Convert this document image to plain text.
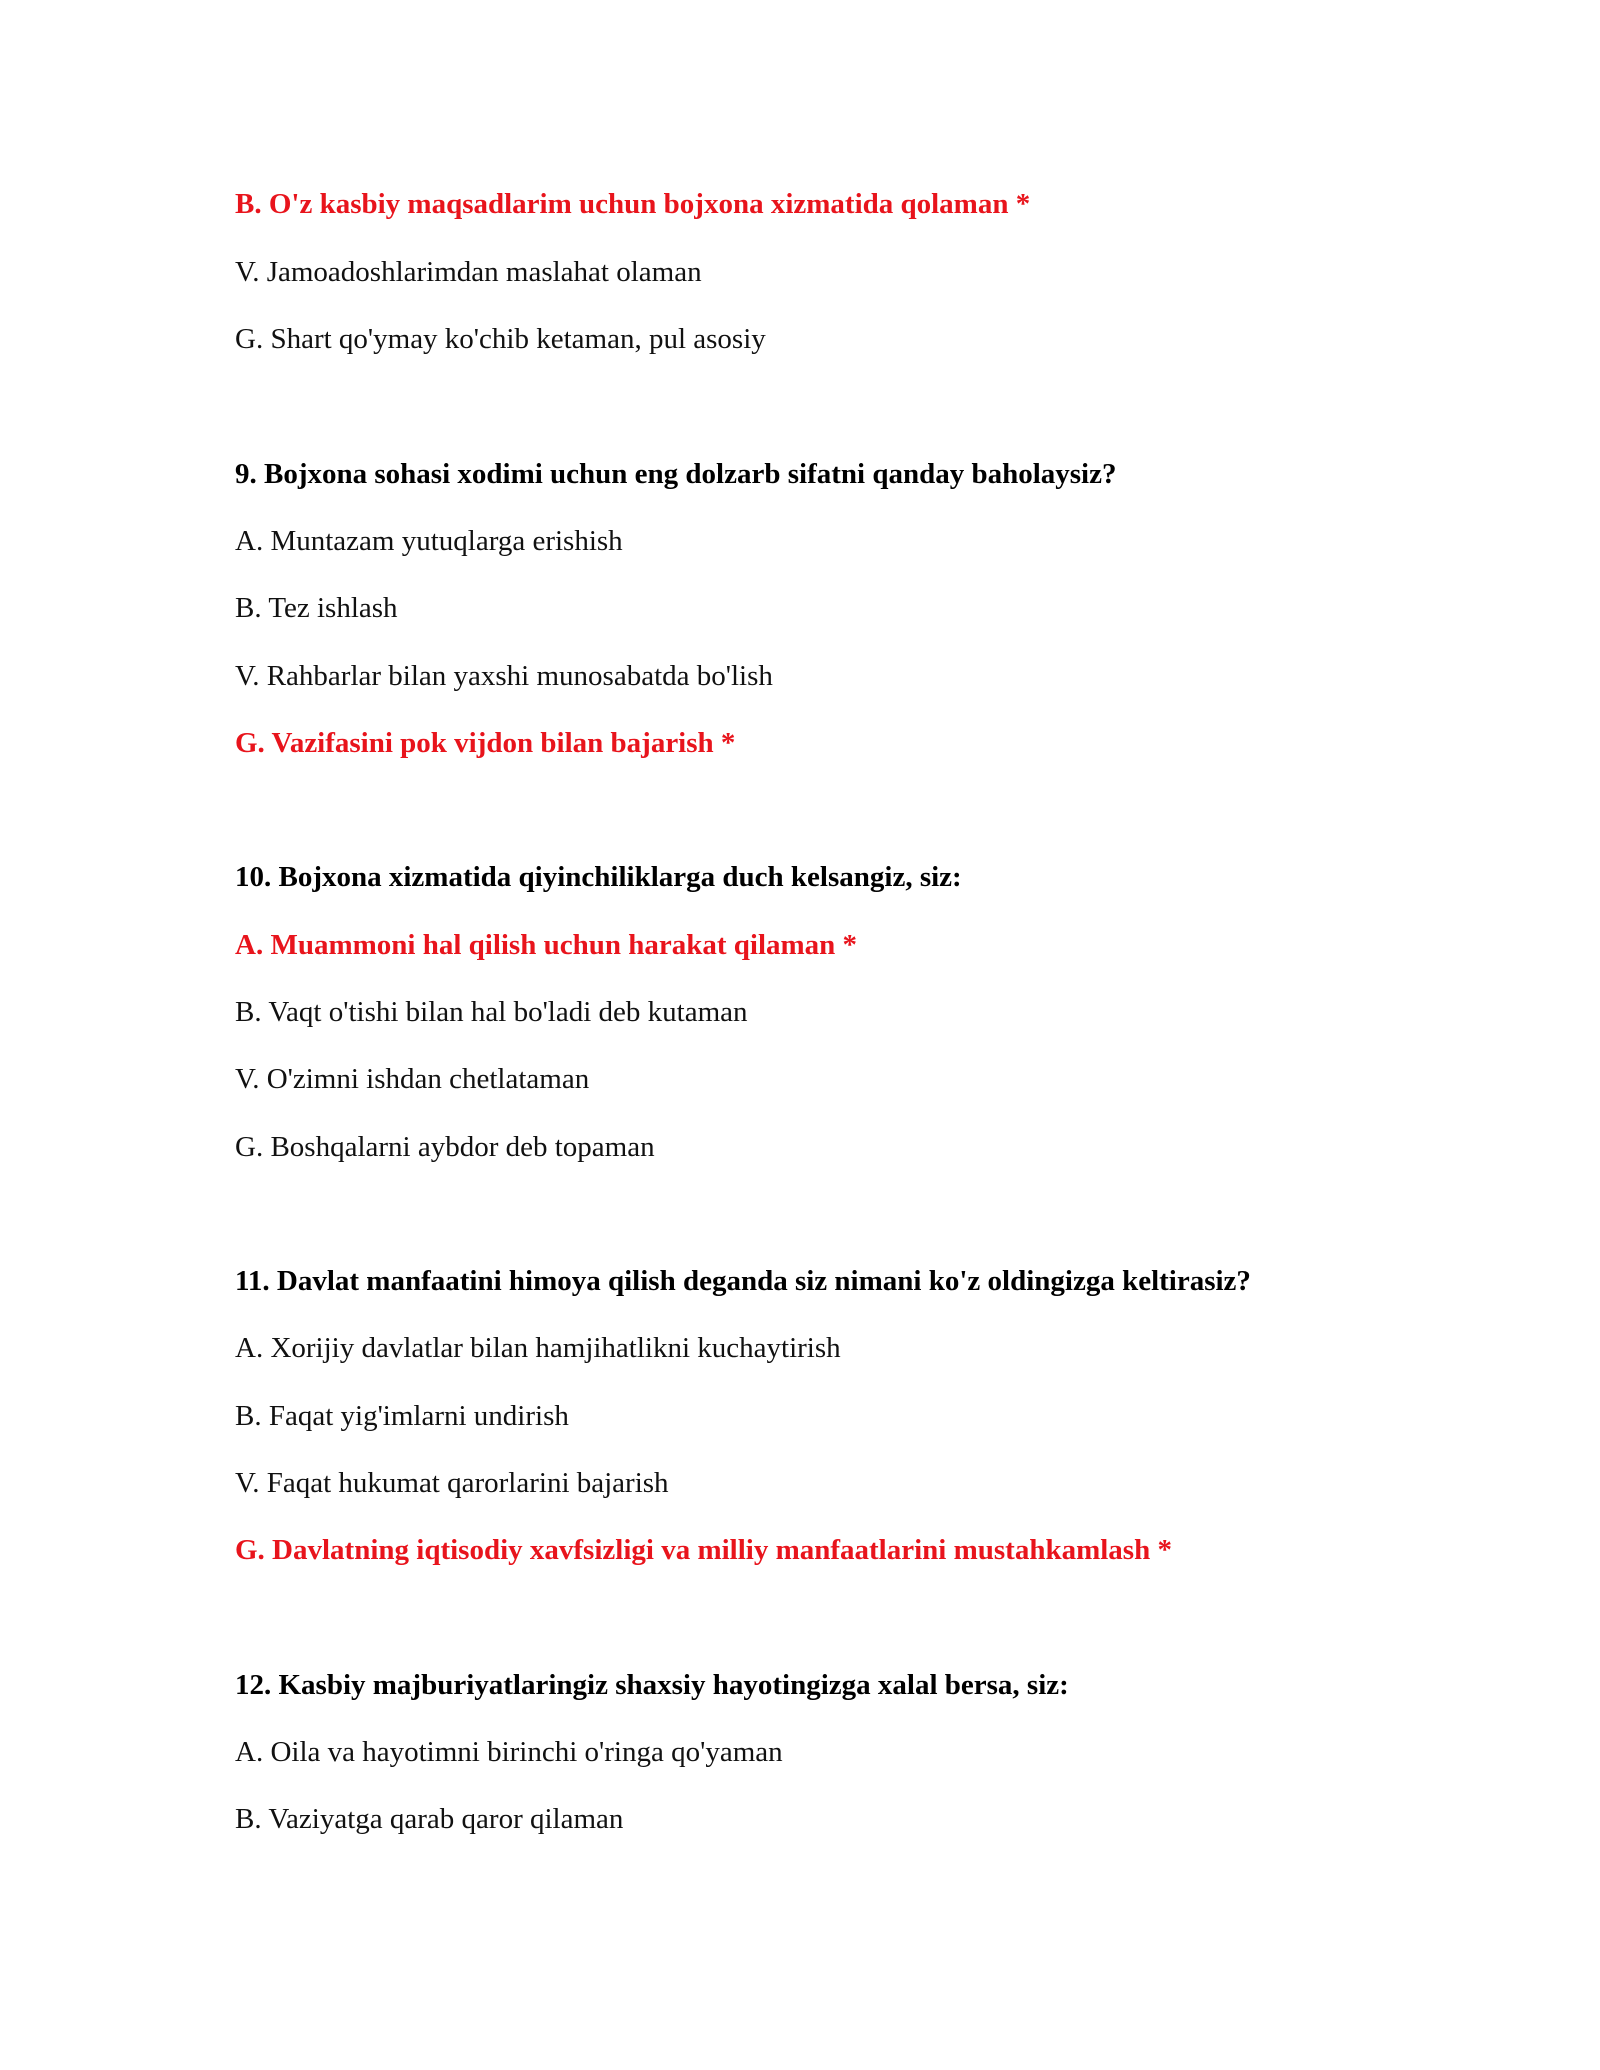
B. O'z kasbiy maqsadlarim uchun bojxona xizmatida qolaman *
V. Jamoadoshlarimdan maslahat olaman
G. Shart qo'ymay ko'chib ketaman, pul asosiy
9. Bojxona sohasi xodimi uchun eng dolzarb sifatni qanday baholaysiz?
A. Muntazam yutuqlarga erishish
B. Tez ishlash
V. Rahbarlar bilan yaxshi munosabatda bo'lish
G. Vazifasini pok vijdon bilan bajarish *
10. Bojxona xizmatida qiyinchiliklarga duch kelsangiz, siz:
A. Muammoni hal qilish uchun harakat qilaman *
B. Vaqt o'tishi bilan hal bo'ladi deb kutaman
V. O'zimni ishdan chetlataman
G. Boshqalarni aybdor deb topaman
11. Davlat manfaatini himoya qilish deganda siz nimani ko'z oldingizga keltirasiz?
A. Xorijiy davlatlar bilan hamjihatlikni kuchaytirish
B. Faqat yig'imlarni undirish
V. Faqat hukumat qarorlarini bajarish
G. Davlatning iqtisodiy xavfsizligi va milliy manfaatlarini mustahkamlash *
12. Kasbiy majburiyatlaringiz shaxsiy hayotingizga xalal bersa, siz:
A. Oila va hayotimni birinchi o'ringa qo'yaman
B. Vaziyatga qarab qaror qilaman
